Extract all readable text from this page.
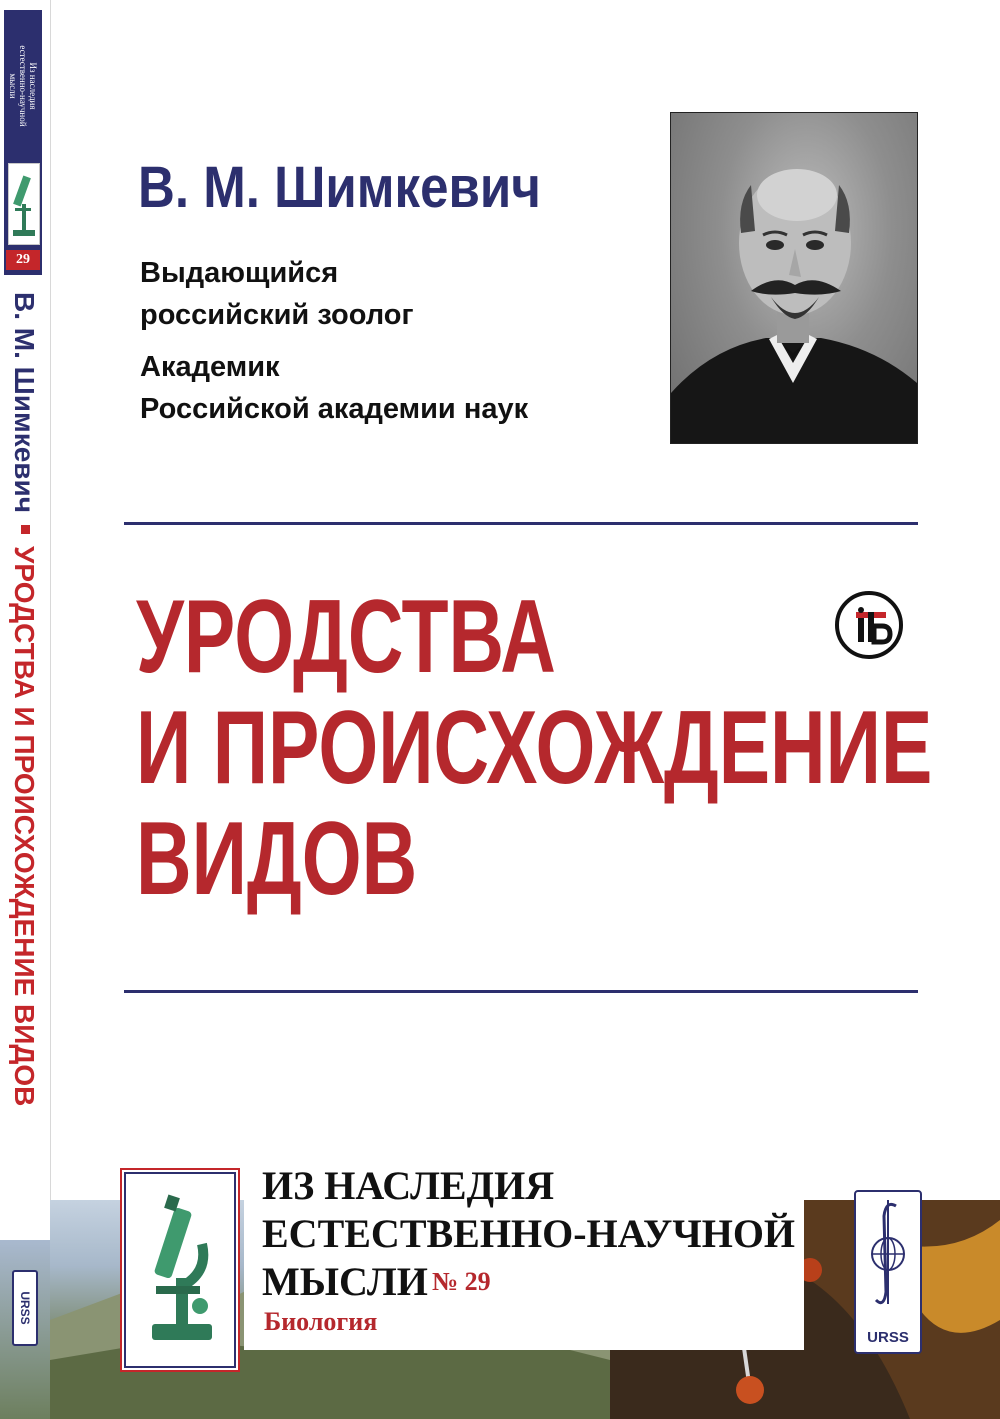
Из наследия
естественно-научной
мысли
29
В. М. ШимкевичУРОДСТВА И ПРОИСХОЖДЕНИЕ ВИДОВ
URSS
В. М. Шимкевич

Выдающийся
российский зоолог

Академик
Российской академии наук

УРОДСТВА
И ПРОИСХОЖДЕНИЕ
ВИДОВ
ИЗ НАСЛЕДИЯ
ЕСТЕСТВЕННО-НАУЧНОЙ
МЫСЛИ № 29
Биология
URSS
